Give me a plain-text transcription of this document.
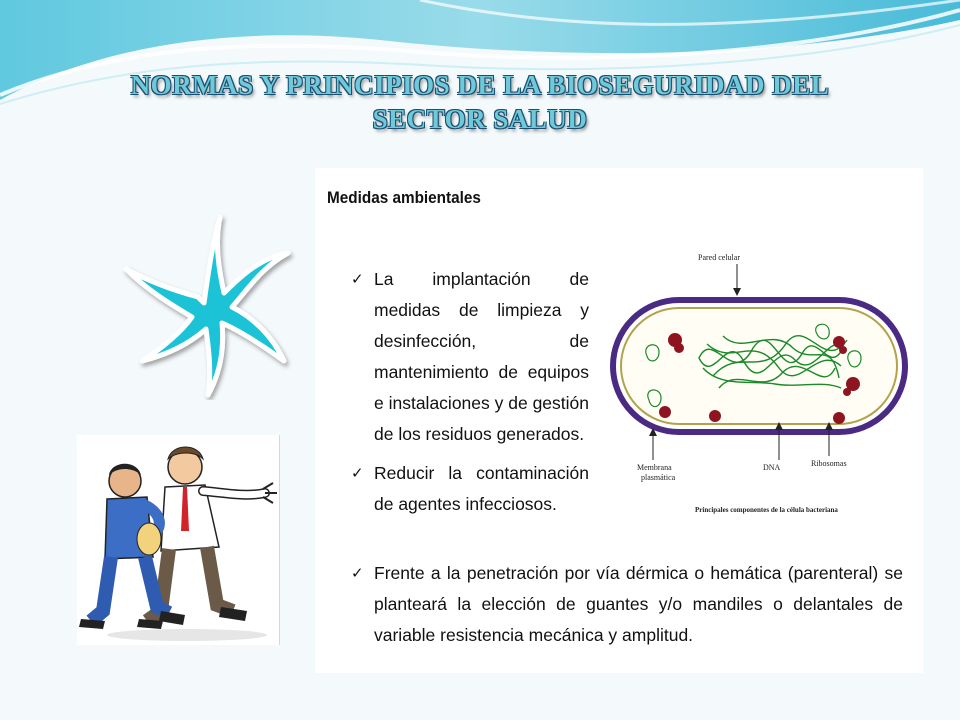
NORMAS Y PRINCIPIOS DE LA BIOSEGURIDAD DEL
SECTOR SALUD
Medidas ambientales
✓ La implantación de medidas de limpieza y desinfección, de mantenimiento de equipos e instalaciones y de gestión de los residuos generados.
✓ Reducir la contaminación de agentes infecciosos.
✓ Frente a la penetración por vía dérmica o hemática (parenteral) se planteará la elección de guantes y/o mandiles o delantales de variable resistencia mecánica y amplitud.
Pared celular
Membrana
plasmática
DNA	Ribosomas
Principales componentes de la célula bacteriana
